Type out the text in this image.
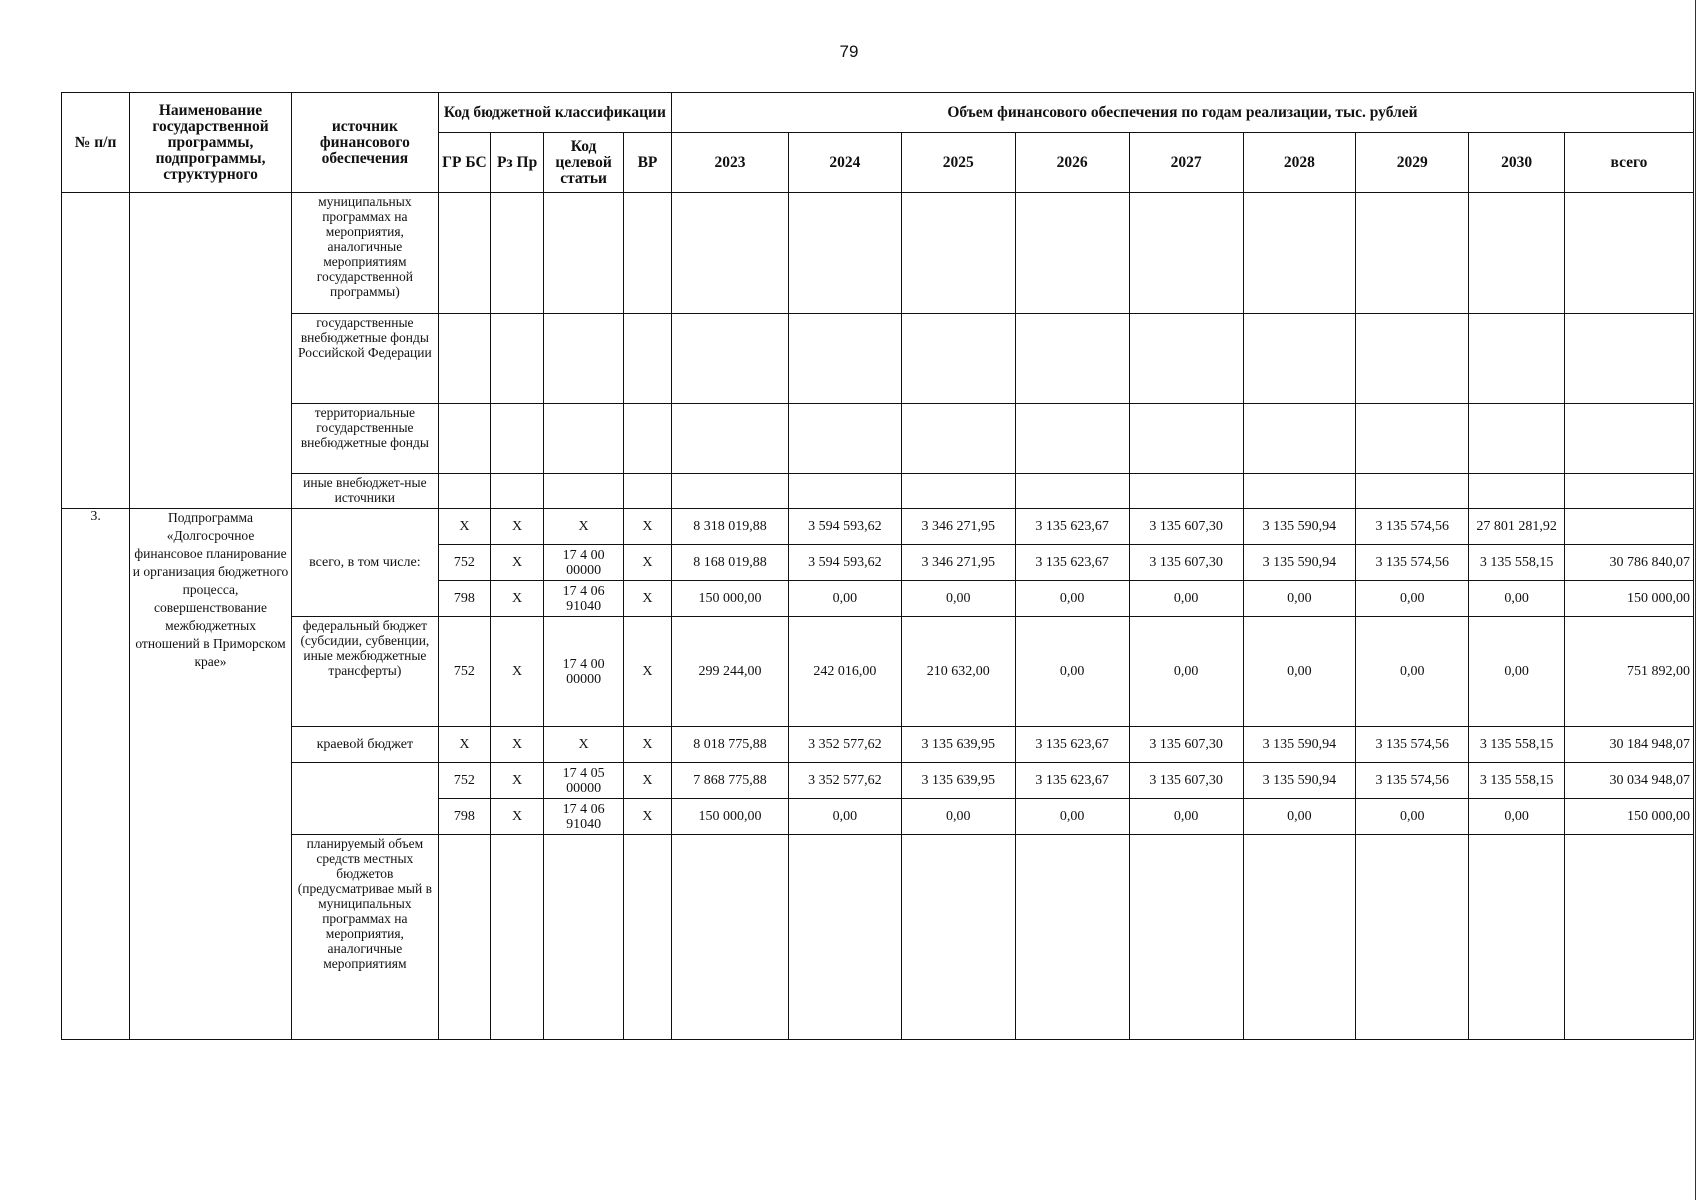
79
№ п/п	Наименование государственной программы, подпрограммы, структурного	источник финансового обеспечения	Код бюджетной классификации				Объем финансового обеспечения по годам реализации, тыс. рублей								
			ГР БС	Рз Пр	Код целевой статьи	ВР	2023	2024	2025	2026	2027	2028	2029	2030	всего
		муниципальных программах на мероприятия, аналогичные мероприятиям государственной программы)													
		государственные внебюджетные фонды Российской Федерации													
		территориальные государственные внебюджетные фонды													
		иные внебюджет-ные источники													
3.	Подпрограмма «Долгосрочное финансовое планирование и организация бюджетного процесса, совершенствование межбюджетных отношений в Приморском крае»	всего, в том числе:	X	X	X	X	8 318 019,88	3 594 593,62	3 346 271,95	3 135 623,67	3 135 607,30	3 135 590,94	3 135 574,56	27 801 281,92	
			752	X	17 4 00 00000	X	8 168 019,88	3 594 593,62	3 346 271,95	3 135 623,67	3 135 607,30	3 135 590,94	3 135 574,56	3 135 558,15	30 786 840,07
			798	X	17 4 06 91040	X	150 000,00	0,00	0,00	0,00	0,00	0,00	0,00	0,00	150 000,00
		федеральный бюджет (субсидии, субвенции, иные межбюджетные трансферты)	752	X	17 4 00 00000	X	299 244,00	242 016,00	210 632,00	0,00	0,00	0,00	0,00	0,00	751 892,00
		краевой бюджет	X	X	X	X	8 018 775,88	3 352 577,62	3 135 639,95	3 135 623,67	3 135 607,30	3 135 590,94	3 135 574,56	3 135 558,15	30 184 948,07
			752	X	17 4 05 00000	X	7 868 775,88	3 352 577,62	3 135 639,95	3 135 623,67	3 135 607,30	3 135 590,94	3 135 574,56	3 135 558,15	30 034 948,07
			798	X	17 4 06 91040	X	150 000,00	0,00	0,00	0,00	0,00	0,00	0,00	0,00	150 000,00
		планируемый объем средств местных бюджетов (предусматривае мый в муниципальных программах на мероприятия, аналогичные мероприятиям													
